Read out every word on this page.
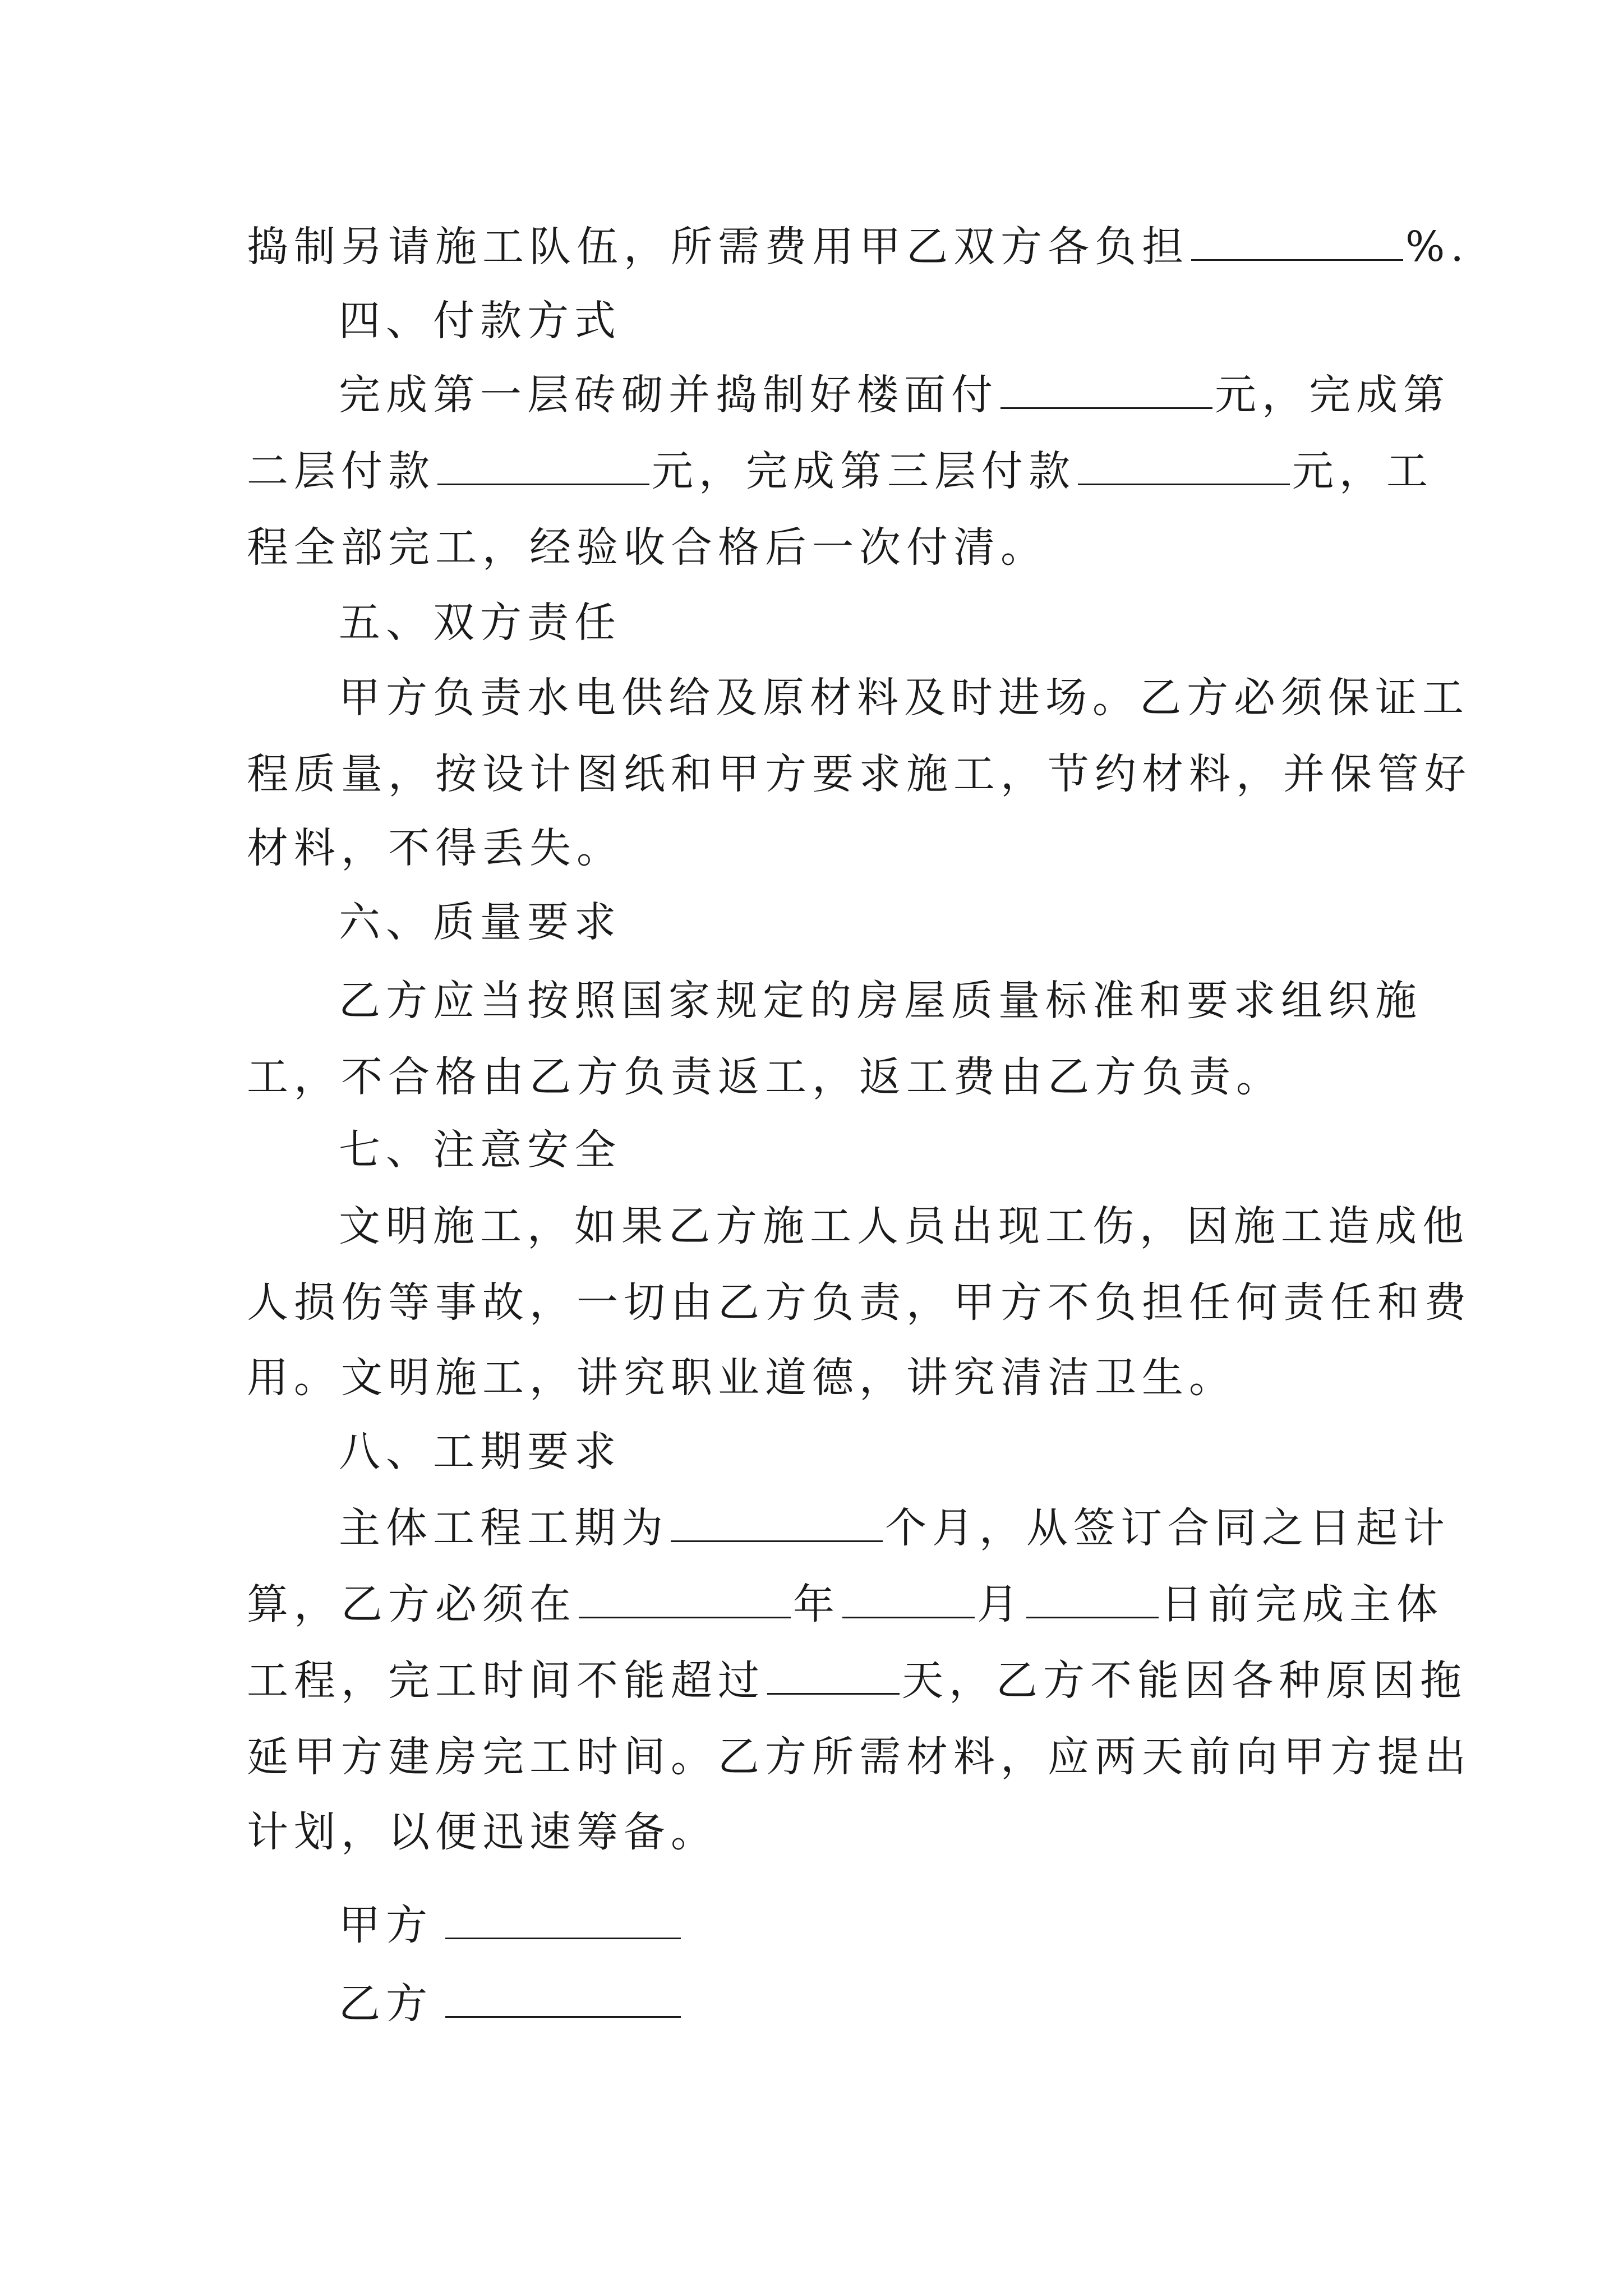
捣制另请施工队伍，所需费用甲乙双方各负担	%.
四、付款方式
完成第一层砖砌并捣制好楼面付	元，完成第
二层付款	元，完成第三层付款	元，工
程全部完工，经验收合格后一次付清。
五、双方责任
甲方负责水电供给及原材料及时进场。乙方必须保证工
程质量，按设计图纸和甲方要求施工，节约材料，并保管好
材料，不得丢失。
六、质量要求
乙方应当按照国家规定的房屋质量标准和要求组织施
工，不合格由乙方负责返工，返工费由乙方负责。
七、注意安全
文明施工，如果乙方施工人员出现工伤，因施工造成他
人损伤等事故，一切由乙方负责，甲方不负担任何责任和费
用。文明施工，讲究职业道德，讲究清洁卫生。
八、工期要求
主体工程工期为	个月，从签订合同之日起计
算，乙方必须在	年	月	日前完成主体
工程，完工时间不能超过	天，乙方不能因各种原因拖
延甲方建房完工时间。乙方所需材料，应两天前向甲方提出
计划，以便迅速筹备。
甲方
乙方
